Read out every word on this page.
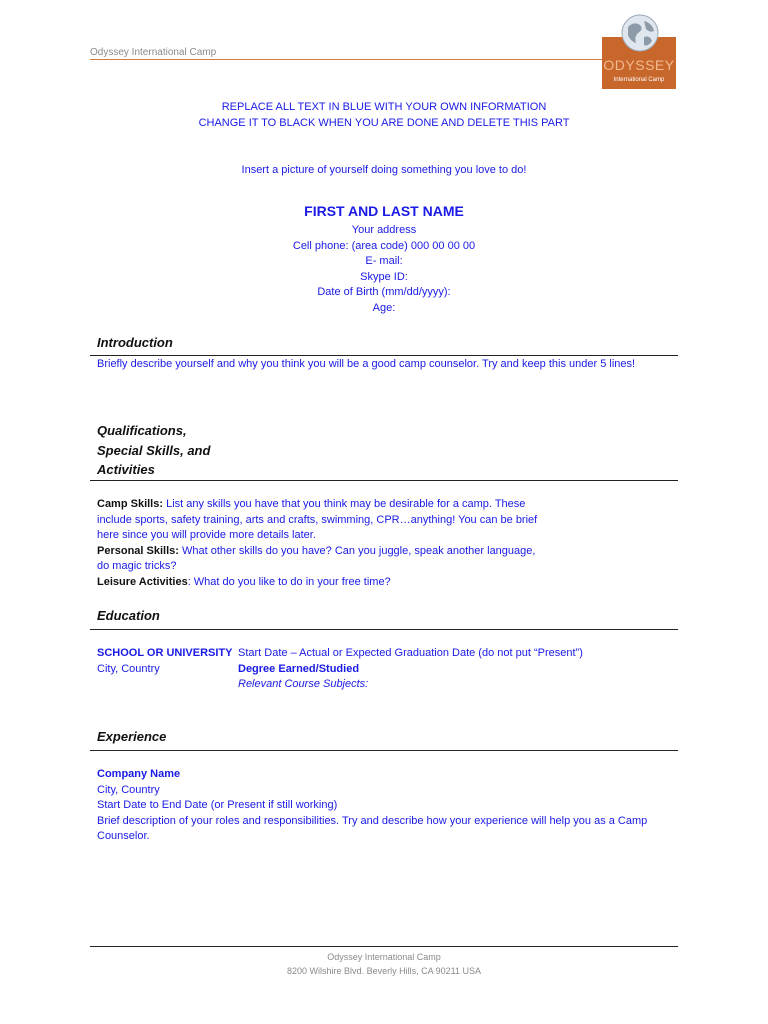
Odyssey International Camp
ODYSSEY
International Camp
REPLACE ALL TEXT IN BLUE WITH YOUR OWN INFORMATION
CHANGE IT TO BLACK WHEN YOU ARE DONE AND DELETE THIS PART
Insert a picture of yourself doing something you love to do!
FIRST AND LAST NAME
Your address
Cell phone: (area code) 000 00 00 00
E- mail:
Skype ID:
Date of Birth (mm/dd/yyyy):
Age:
Introduction
Briefly describe yourself and why you think you will be a good camp counselor. Try and keep this under 5 lines!
Qualifications,
Special Skills, and
Activities
Camp Skills: List any skills you have that you think may be desirable for a camp. These
include sports, safety training, arts and crafts, swimming, CPR…anything! You can be brief
here since you will provide more details later.
Personal Skills: What other skills do you have? Can you juggle, speak another language,
do magic tricks?
Leisure Activities: What do you like to do in your free time?
Education
SCHOOL OR UNIVERSITY
City, Country
Start Date – Actual or Expected Graduation Date (do not put “Present”)
Degree Earned/Studied
Relevant Course Subjects:
Experience
Company Name
City, Country
Start Date to End Date (or Present if still working)
Brief description of your roles and responsibilities. Try and describe how your experience will help you as a Camp
Counselor.
Odyssey International Camp
8200 Wilshire Blvd. Beverly Hills, CA 90211 USA
